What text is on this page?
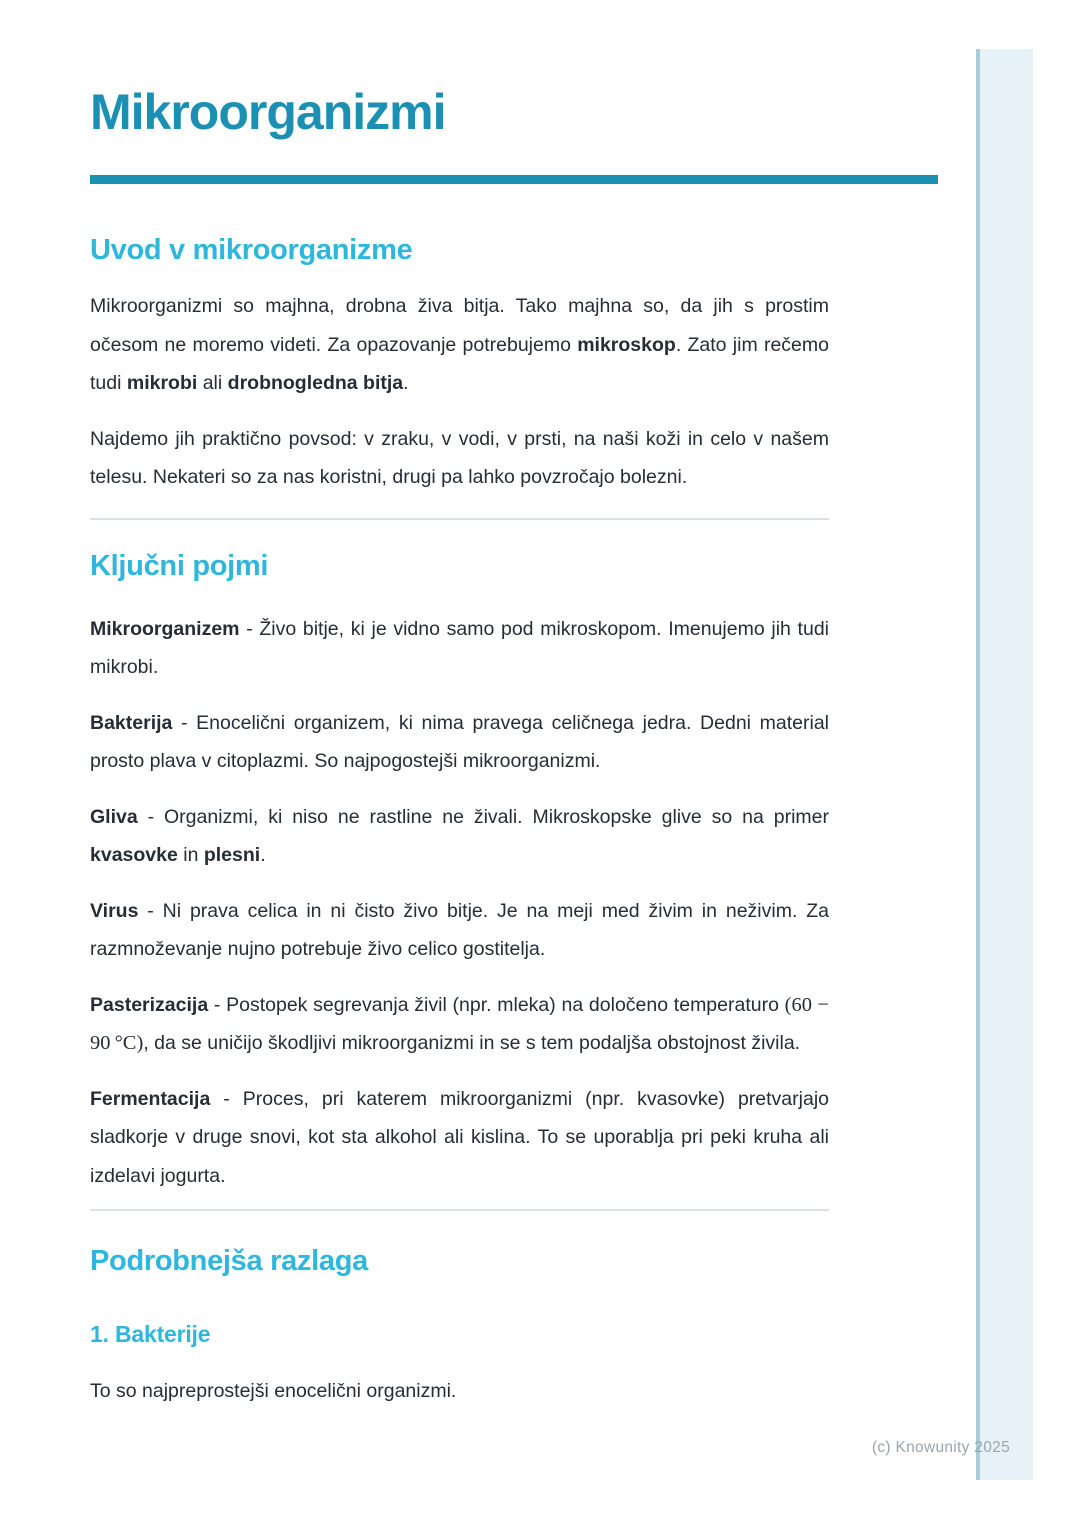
Mikroorganizmi
Uvod v mikroorganizme

Mikroorganizmi so majhna, drobna živa bitja. Tako majhna so, da jih s prostim očesom ne moremo videti. Za opazovanje potrebujemo mikroskop. Zato jim rečemo tudi mikrobi ali drobnogledna bitja.

Najdemo jih praktično povsod: v zraku, v vodi, v prsti, na naši koži in celo v našem telesu. Nekateri so za nas koristni, drugi pa lahko povzročajo bolezni.

Ključni pojmi

Mikroorganizem - Živo bitje, ki je vidno samo pod mikroskopom. Imenujemo jih tudi mikrobi.

Bakterija - Enocelični organizem, ki nima pravega celičnega jedra. Dedni material prosto plava v citoplazmi. So najpogostejši mikroorganizmi.

Gliva - Organizmi, ki niso ne rastline ne živali. Mikroskopske glive so na primer kvasovke in plesni.

Virus - Ni prava celica in ni čisto živo bitje. Je na meji med živim in neživim. Za razmnoževanje nujno potrebuje živo celico gostitelja.

Pasterizacija - Postopek segrevanja živil (npr. mleka) na določeno temperaturo (60 − 90 °C), da se uničijo škodljivi mikroorganizmi in se s tem podaljša obstojnost živila.

Fermentacija - Proces, pri katerem mikroorganizmi (npr. kvasovke) pretvarjajo sladkorje v druge snovi, kot sta alkohol ali kislina. To se uporablja pri peki kruha ali izdelavi jogurta.

Podrobnejša razlaga
1. Bakterije

To so najpreprostejši enocelični organizmi.

(c) Knowunity 2025
